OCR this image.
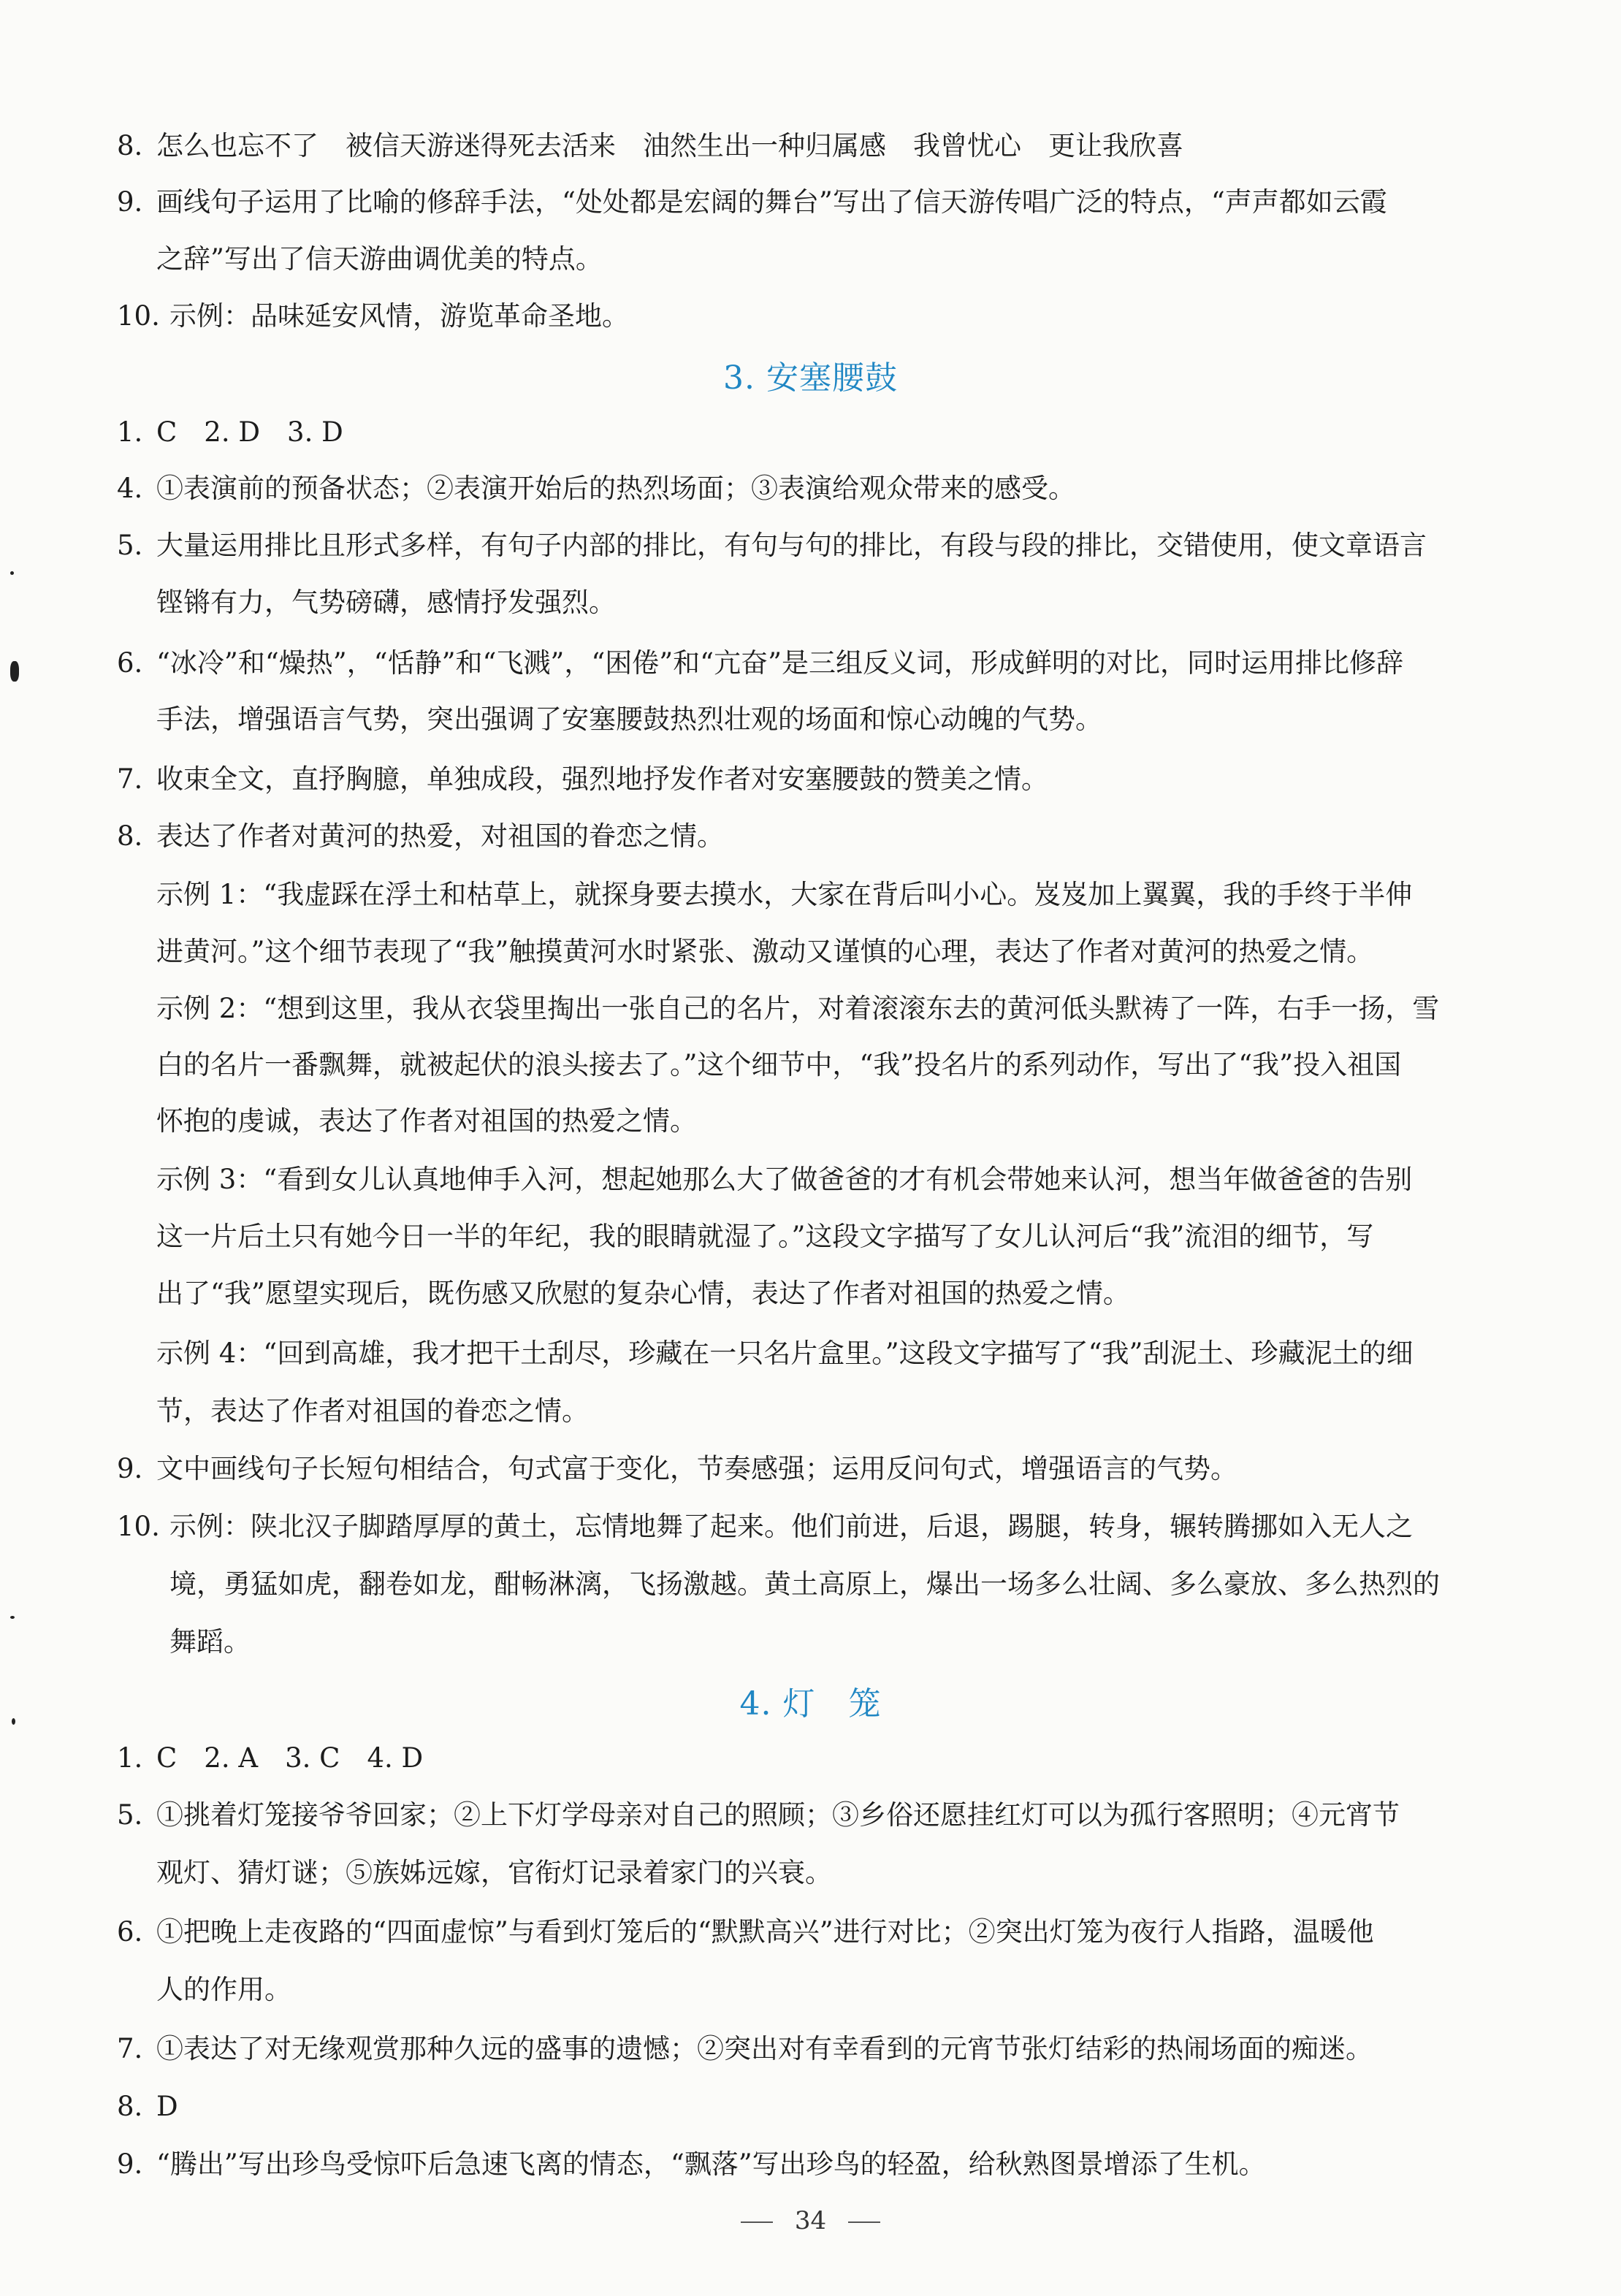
8. 怎么也忘不了　被信天游迷得死去活来　油然生出一种归属感　我曾忧心　更让我欣喜
9. 画线句子运用了比喻的修辞手法，“处处都是宏阔的舞台”写出了信天游传唱广泛的特点，“声声都如云霞
之辞”写出了信天游曲调优美的特点。
10. 示例：品味延安风情，游览革命圣地。
3. 安塞腰鼓
1. C　2. D　3. D
4. ①表演前的预备状态；②表演开始后的热烈场面；③表演给观众带来的感受。
5. 大量运用排比且形式多样，有句子内部的排比，有句与句的排比，有段与段的排比，交错使用，使文章语言
铿锵有力，气势磅礴，感情抒发强烈。
6. “冰冷”和“燥热”，“恬静”和“飞溅”，“困倦”和“亢奋”是三组反义词，形成鲜明的对比，同时运用排比修辞
手法，增强语言气势，突出强调了安塞腰鼓热烈壮观的场面和惊心动魄的气势。
7. 收束全文，直抒胸臆，单独成段，强烈地抒发作者对安塞腰鼓的赞美之情。
8. 表达了作者对黄河的热爱，对祖国的眷恋之情。
示例 1：“我虚踩在浮土和枯草上，就探身要去摸水，大家在背后叫小心。岌岌加上翼翼，我的手终于半伸
进黄河。”这个细节表现了“我”触摸黄河水时紧张、激动又谨慎的心理，表达了作者对黄河的热爱之情。
示例 2：“想到这里，我从衣袋里掏出一张自己的名片，对着滚滚东去的黄河低头默祷了一阵，右手一扬，雪
白的名片一番飘舞，就被起伏的浪头接去了。”这个细节中，“我”投名片的系列动作，写出了“我”投入祖国
怀抱的虔诚，表达了作者对祖国的热爱之情。
示例 3：“看到女儿认真地伸手入河，想起她那么大了做爸爸的才有机会带她来认河，想当年做爸爸的告别
这一片后土只有她今日一半的年纪，我的眼睛就湿了。”这段文字描写了女儿认河后“我”流泪的细节，写
出了“我”愿望实现后，既伤感又欣慰的复杂心情，表达了作者对祖国的热爱之情。
示例 4：“回到高雄，我才把干土刮尽，珍藏在一只名片盒里。”这段文字描写了“我”刮泥土、珍藏泥土的细
节，表达了作者对祖国的眷恋之情。
9. 文中画线句子长短句相结合，句式富于变化，节奏感强；运用反问句式，增强语言的气势。
10. 示例：陕北汉子脚踏厚厚的黄土，忘情地舞了起来。他们前进，后退，踢腿，转身，辗转腾挪如入无人之
境，勇猛如虎，翻卷如龙，酣畅淋漓，飞扬激越。黄土高原上，爆出一场多么壮阔、多么豪放、多么热烈的
舞蹈。
4. 灯　笼
1. C　2. A　3. C　4. D
5. ①挑着灯笼接爷爷回家；②上下灯学母亲对自己的照顾；③乡俗还愿挂红灯可以为孤行客照明；④元宵节
观灯、猜灯谜；⑤族姊远嫁，官衔灯记录着家门的兴衰。
6. ①把晚上走夜路的“四面虚惊”与看到灯笼后的“默默高兴”进行对比；②突出灯笼为夜行人指路，温暖他
人的作用。
7. ①表达了对无缘观赏那种久远的盛事的遗憾；②突出对有幸看到的元宵节张灯结彩的热闹场面的痴迷。
8. D
9. “腾出”写出珍鸟受惊吓后急速飞离的情态，“飘落”写出珍鸟的轻盈，给秋熟图景增添了生机。
34
